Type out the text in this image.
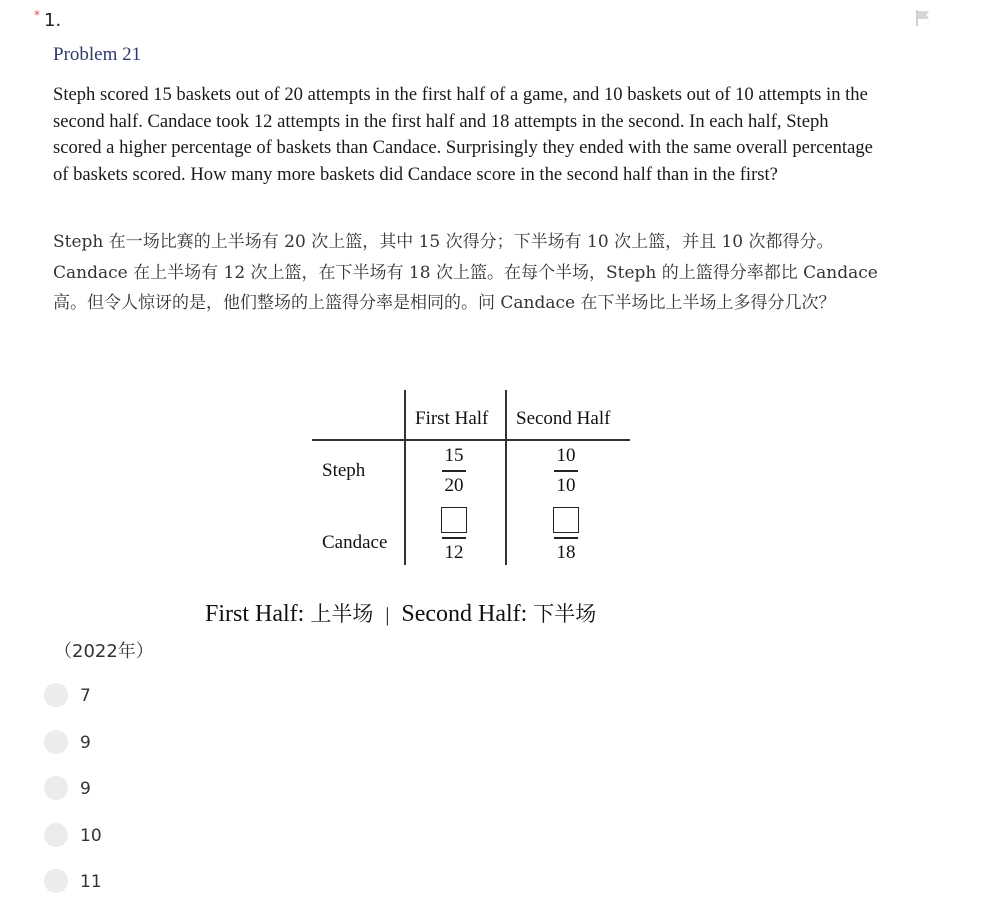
* 1.
Problem 21
Steph scored 15 baskets out of 20 attempts in the first half of a game, and 10 baskets out of 10 attempts in the second half. Candace took 12 attempts in the first half and 18 attempts in the second. In each half, Steph scored a higher percentage of baskets than Candace. Surprisingly they ended with the same overall percentage of baskets scored. How many more baskets did Candace score in the second half than in the first?
Steph 在一场比赛的上半场有 20 次上篮，其中 15 次得分；下半场有 10 次上篮，并且 10 次都得分。Candace 在上半场有 12 次上篮，在下半场有 18 次上篮。在每个半场，Steph 的上篮得分率都比 Candace 高。但令人惊讶的是，他们整场的上篮得分率是相同的。问 Candace 在下半场比上半场上多得分几次？
First Half Second Half
Steph
Candace
15
20
10
10
12	18
First Half: 上半场 | Second Half: 下半场
（2022年）
7
9
9
10
11
